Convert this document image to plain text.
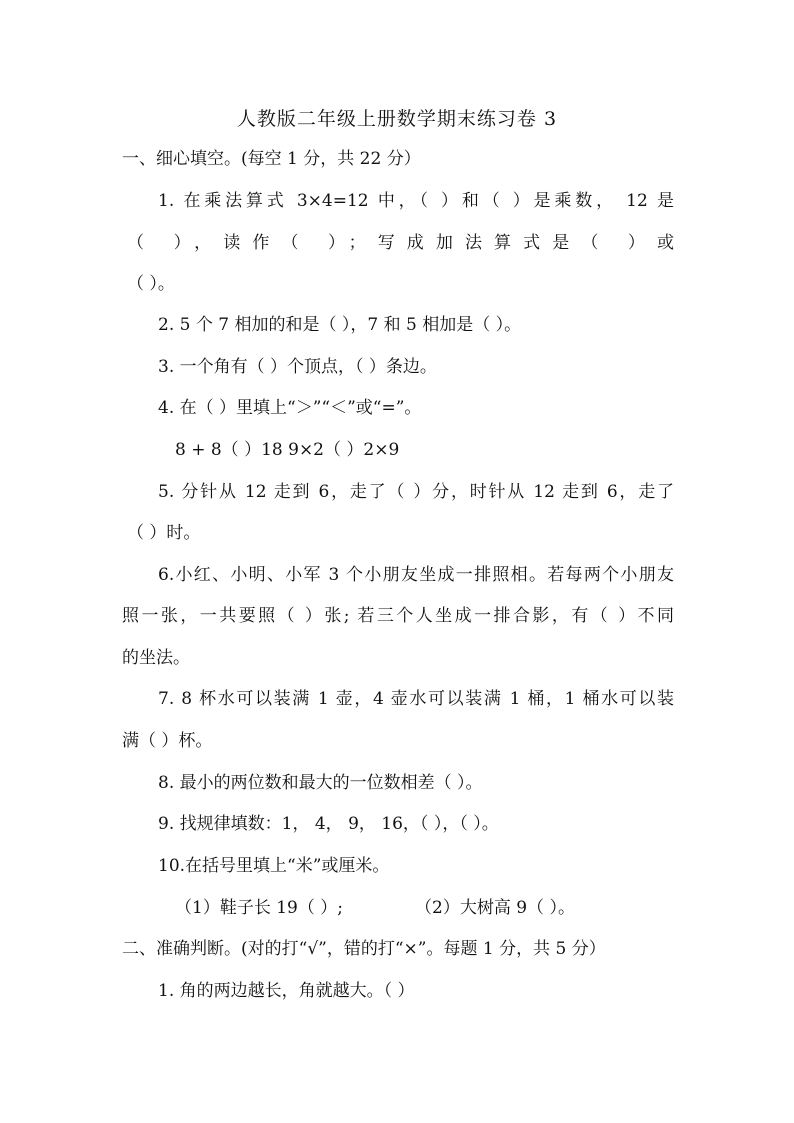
人教版二年级上册数学期末练习卷 3
一、细心填空。(每空 1 分，共 22 分）
1. 在乘法算式 3×4=12 中，（ ）和（ ）是乘数， 12 是
（ ），读作（ ）；写成加法算式是（ ）或
（ ）。
2. 5 个 7 相加的和是（ ），7 和 5 相加是（ ）。
3. 一个角有（ ）个顶点，（ ）条边。
4. 在（ ）里填上“＞”“＜”或“=”。
8 + 8（ ）18 9×2（ ）2×9
5. 分针从 12 走到 6，走了（ ）分，时针从 12 走到 6，走了
（ ）时。
6.小红、小明、小军 3 个小朋友坐成一排照相。若每两个小朋友
照一张，一共要照（ ）张; 若三个人坐成一排合影，有（ ）不同
的坐法。
7. 8 杯水可以装满 1 壶，4 壶水可以装满 1 桶，1 桶水可以装
满（ ）杯。
8. 最小的两位数和最大的一位数相差（ ）。
9. 找规律填数：1， 4， 9， 16，（ ），（ ）。
10.在括号里填上“米”或厘米。
（1）鞋子长 19（ ）;	（2）大树高 9（ ）。
二、准确判断。(对的打“√”，错的打“×”。每题 1 分，共 5 分）
1. 角的两边越长，角就越大。（ ）
